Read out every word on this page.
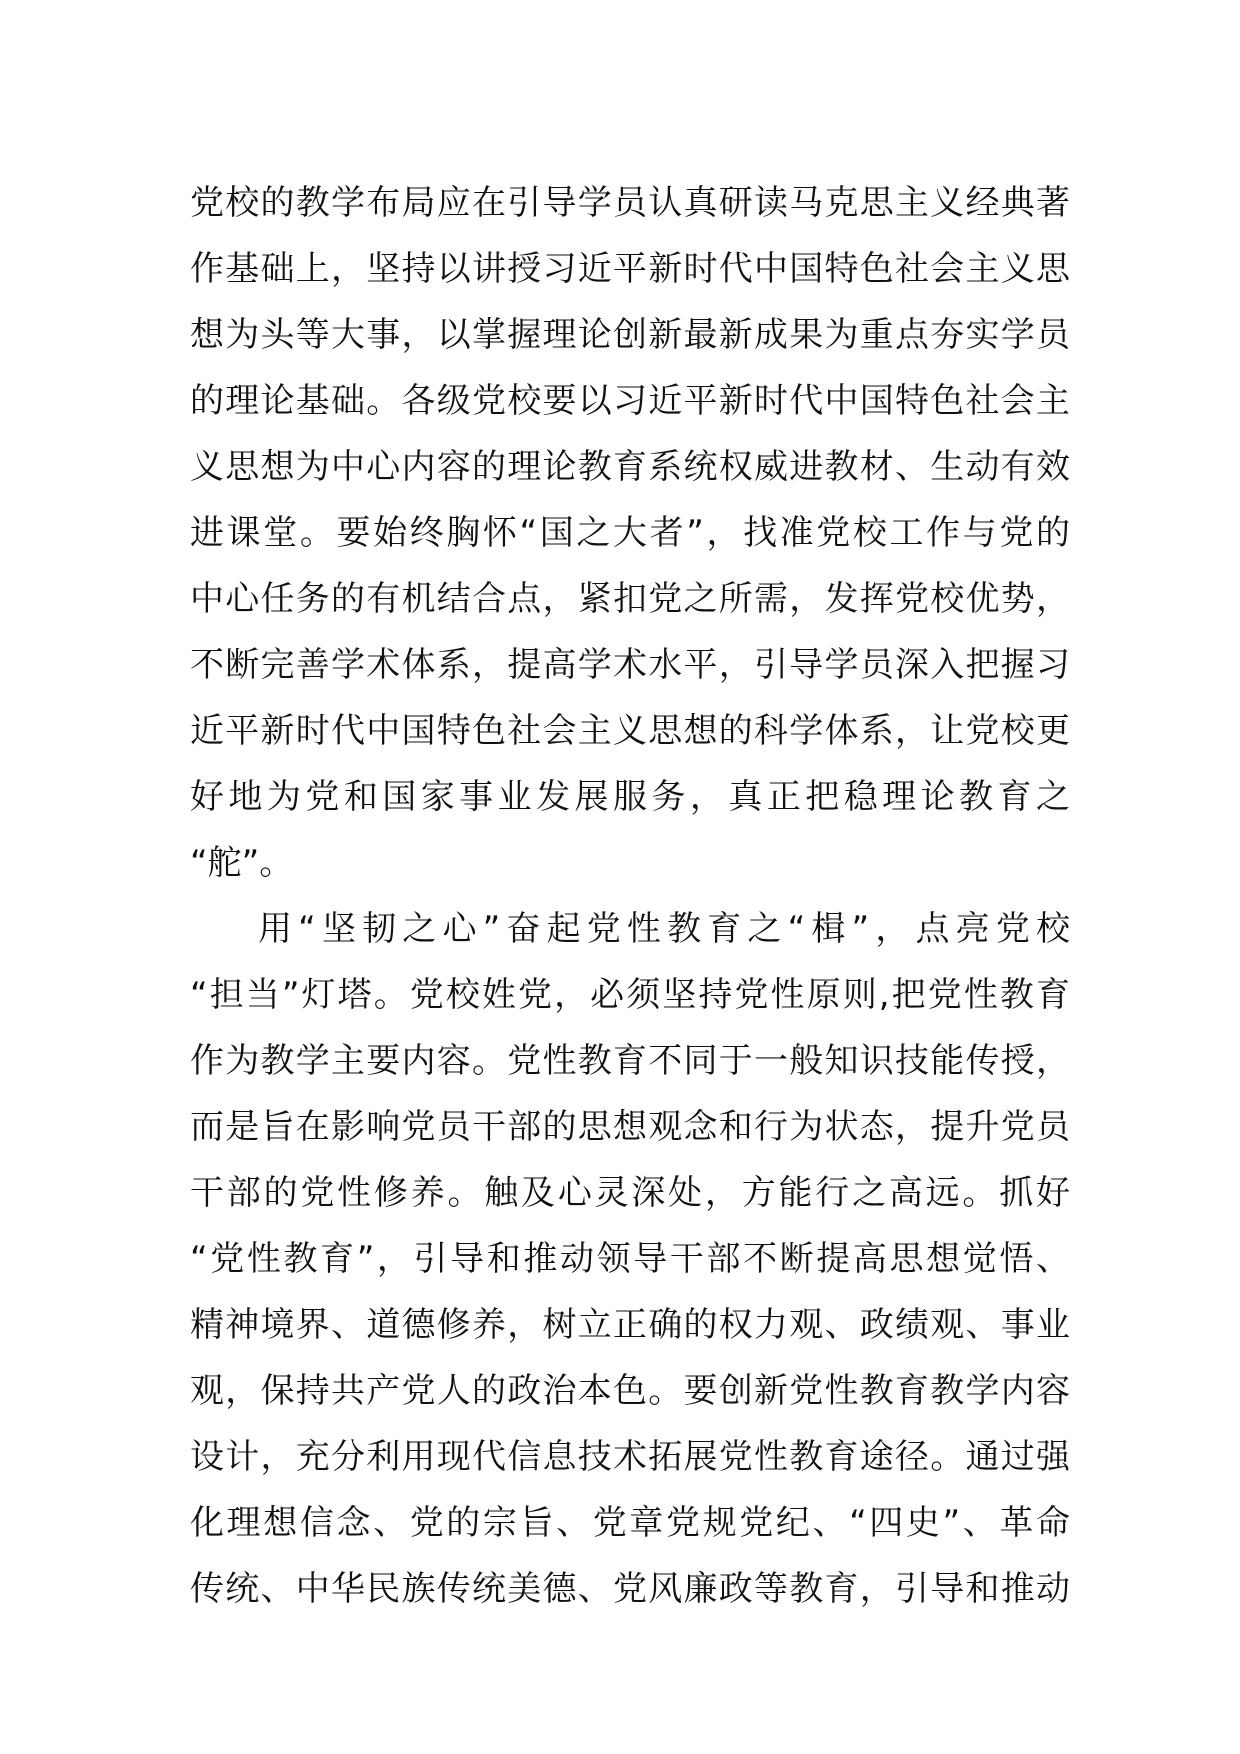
党校的教学布局应在引导学员认真研读马克思主义经典著
作基础上，坚持以讲授习近平新时代中国特色社会主义思
想为头等大事，以掌握理论创新最新成果为重点夯实学员
的理论基础。各级党校要以习近平新时代中国特色社会主
义思想为中心内容的理论教育系统权威进教材、生动有效
进课堂。要始终胸怀“国之大者”，找准党校工作与党的
中心任务的有机结合点，紧扣党之所需，发挥党校优势，
不断完善学术体系，提高学术水平，引导学员深入把握习
近平新时代中国特色社会主义思想的科学体系，让党校更
好地为党和国家事业发展服务，真正把稳理论教育之
“舵”。
用“坚韧之心”奋起党性教育之“楫”，点亮党校
“担当”灯塔。党校姓党，必须坚持党性原则,把党性教育
作为教学主要内容。党性教育不同于一般知识技能传授，
而是旨在影响党员干部的思想观念和行为状态，提升党员
干部的党性修养。触及心灵深处，方能行之高远。抓好
“党性教育”，引导和推动领导干部不断提高思想觉悟、
精神境界、道德修养，树立正确的权力观、政绩观、事业
观，保持共产党人的政治本色。要创新党性教育教学内容
设计，充分利用现代信息技术拓展党性教育途径。通过强
化理想信念、党的宗旨、党章党规党纪、“四史”、革命
传统、中华民族传统美德、党风廉政等教育，引导和推动
